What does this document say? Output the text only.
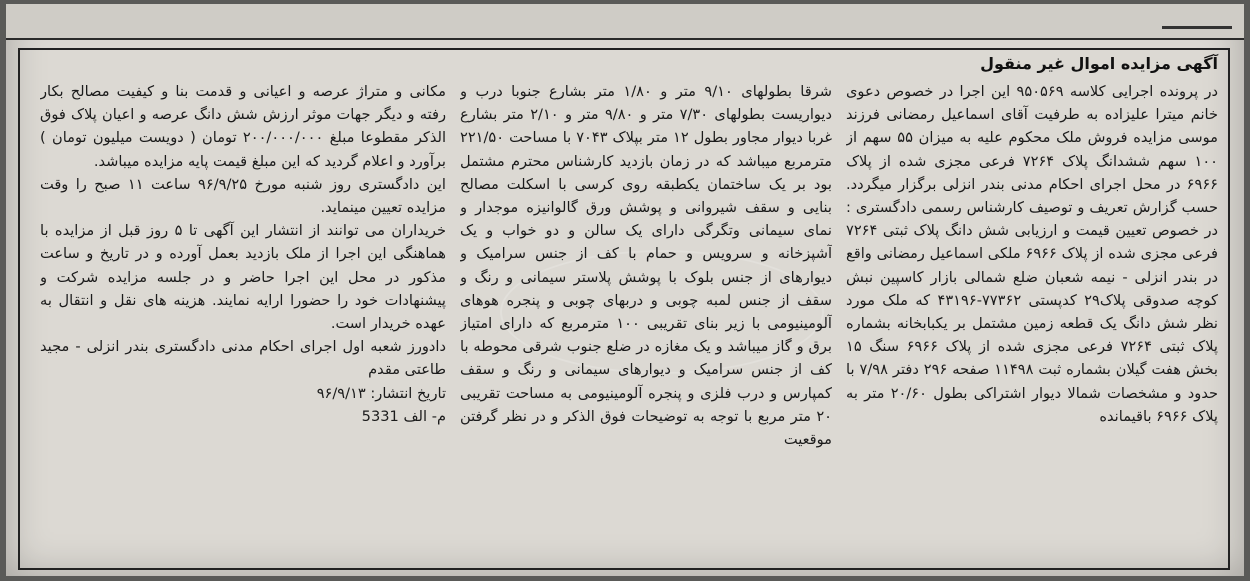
آگهی مزایده اموال غیر منقول

در پرونده اجرایی کلاسه ۹۵۰۵۶۹ این اجرا در خصوص دعوی خانم میترا علیزاده به طرفیت آقای اسماعیل رمضانی فرزند موسی مزایده فروش ملک محکوم علیه به میزان ۵۵ سهم از ۱۰۰ سهم ششدانگ پلاک ۷۲۶۴ فرعی مجزی شده از پلاک ۶۹۶۶ در محل اجرای احکام مدنی بندر انزلی برگزار میگردد. حسب گزارش تعریف و توصیف کارشناس رسمی دادگستری : در خصوص تعیین قیمت و ارزیابی شش دانگ پلاک ثبتی ۷۲۶۴ فرعی مجزی شده از پلاک ۶۹۶۶ ملکی اسماعیل رمضانی واقع در بندر انزلی - نیمه شعبان ضلع شمالی بازار کاسپین نبش کوچه صدوقی پلاک۲۹ کدپستی ۷۷۳۶۲-۴۳۱۹۶ که ملک مورد نظر شش دانگ یک قطعه زمین مشتمل بر یکبابخانه بشماره پلاک ثبتی ۷۲۶۴ فرعی مجزی شده از پلاک ۶۹۶۶ سنگ ۱۵ بخش هفت گیلان بشماره ثبت ۱۱۴۹۸ صفحه ۲۹۶ دفتر ۷/۹۸ با حدود و مشخصات شمالا دیوار اشتراکی بطول ۲۰/۶۰ متر به پلاک ۶۹۶۶ باقیمانده

شرقا بطولهای ۹/۱۰ متر و ۱/۸۰ متر بشارع جنوبا درب و دیواریست بطولهای ۷/۳۰ متر و ۹/۸۰ متر و ۲/۱۰ متر بشارع غربا دیوار مجاور بطول ۱۲ متر بپلاک ۷۰۴۳ با مساحت ۲۲۱/۵۰ مترمربع میباشد که در زمان بازدید کارشناس محترم مشتمل بود بر یک ساختمان یکطبقه روی کرسی با اسکلت مصالح بنایی و سقف شیروانی و پوشش ورق گالوانیزه موجدار و نمای سیمانی وتگرگی دارای یک سالن و دو خواب و یک آشپزخانه و سرویس و حمام با کف از جنس سرامیک و دیوارهای از جنس بلوک با پوشش پلاستر سیمانی و رنگ و سقف از جنس لمبه چوبی و دربهای چوبی و پنجره هوهای آلومینیومی با زیر بنای تقریبی ۱۰۰ مترمربع که دارای امتیاز برق و گاز میباشد و یک مغازه در ضلع جنوب شرقی محوطه با کف از جنس سرامیک و دیوارهای سیمانی و رنگ و سقف کمپارس و درب فلزی و پنجره آلومینیومی به مساحت تقریبی ۲۰ متر مربع با توجه به توضیحات فوق الذکر و در نظر گرفتن موقعیت

مکانی و متراژ عرصه و اعیانی و قدمت بنا و کیفیت مصالح بکار رفته و دیگر جهات موثر ارزش شش دانگ عرصه و اعیان پلاک فوق الذکر مقطوعا مبلغ ۲۰۰/۰۰۰/۰۰۰ تومان ( دویست میلیون تومان ) برآورد و اعلام گردید که این مبلغ قیمت پایه مزایده میباشد.

این دادگستری روز شنبه مورخ ۹۶/۹/۲۵ ساعت ۱۱ صبح را وقت مزایده تعیین مینماید.

خریداران می توانند از انتشار این آگهی تا ۵ روز قبل از مزایده با هماهنگی این اجرا از ملک بازدید بعمل آورده و در تاریخ و ساعت مذکور در محل این اجرا حاضر و در جلسه مزایده شرکت و پیشنهادات خود را حضورا ارایه نمایند. هزینه های نقل و انتقال به عهده خریدار است.

دادورز شعبه اول اجرای احکام مدنی دادگستری بندر انزلی - مجید طاعتی مقدم

تاریخ انتشار: ۹۶/۹/۱۳

م- الف 5331
